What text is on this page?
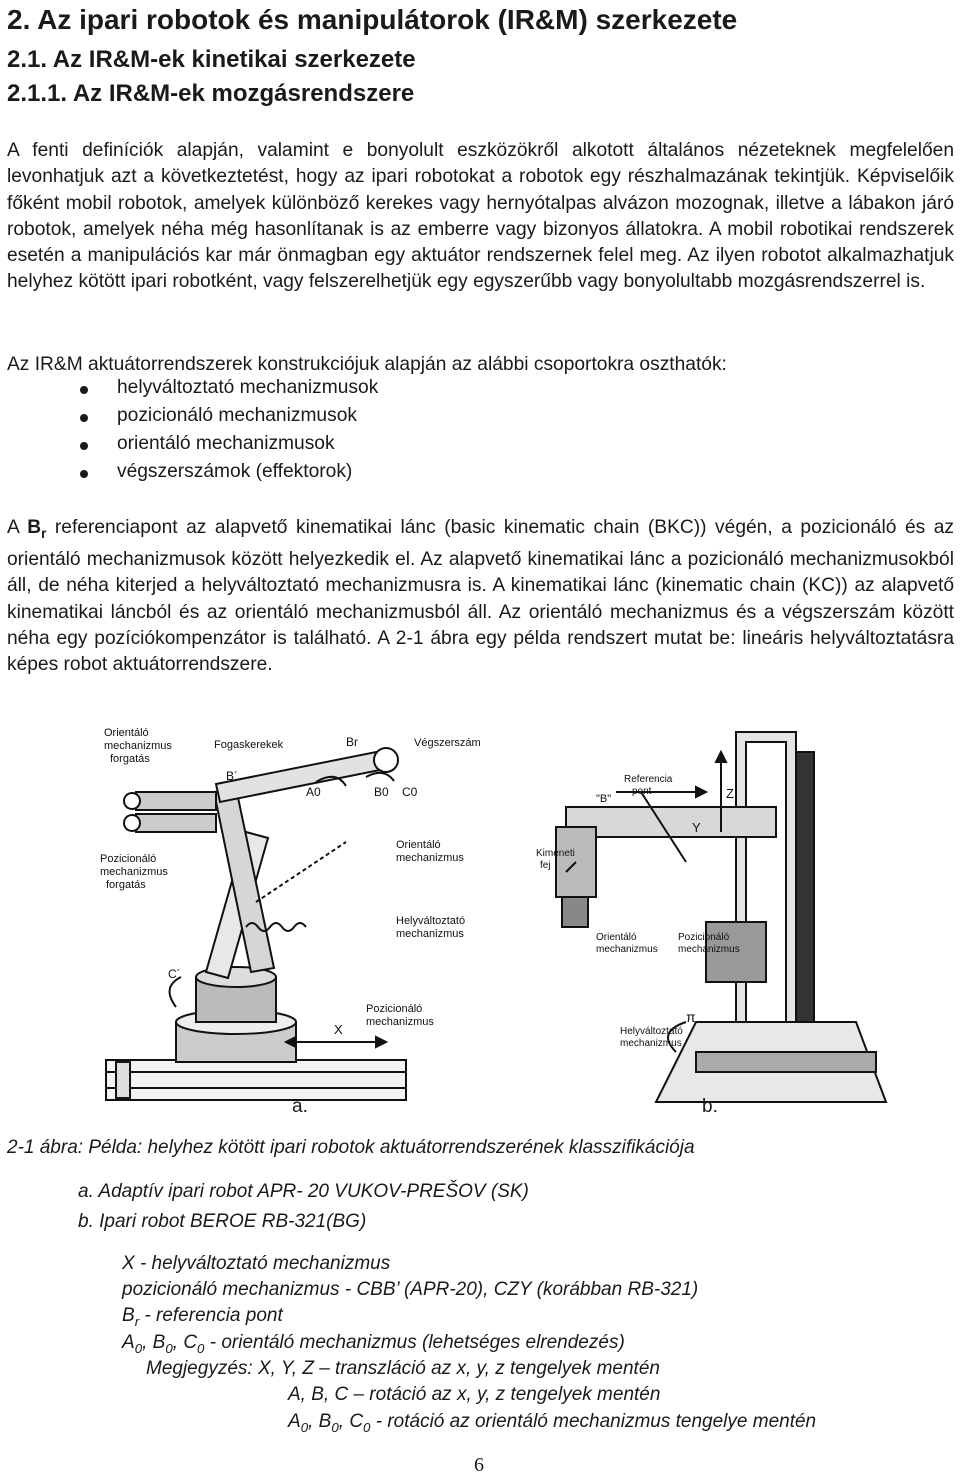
2. Az ipari robotok és manipulátorok (IR&M) szerkezete
2.1. Az IR&M-ek kinetikai szerkezete
2.1.1. Az IR&M-ek mozgásrendszere
A fenti definíciók alapján, valamint e bonyolult eszközökről alkotott általános nézeteknek megfelelően levonhatjuk azt a következtetést, hogy az ipari robotokat a robotok egy részhalmazának tekintjük. Képviselőik főként mobil robotok, amelyek különböző kerekes vagy hernyótalpas alvázon mozognak, illetve a lábakon járó robotok, amelyek néha még hasonlítanak is az emberre vagy bizonyos állatokra. A mobil robotikai rendszerek esetén a manipulációs kar már önmagban egy aktuátor rendszernek felel meg. Az ilyen robotot alkalmazhatjuk helyhez kötött ipari robotként, vagy felszerelhetjük egy egyszerűbb vagy bonyolultabb mozgásrendszerrel is.
Az IR&M aktuátorrendszerek konstrukciójuk alapján az alábbi csoportokra oszthatók:
helyváltoztató mechanizmusok
pozicionáló mechanizmusok
orientáló mechanizmusok
végszerszámok (effektorok)
A $B_r$ referenciapont az alapvető kinematikai lánc (basic kinematic chain (BKC)) végén, a pozicionáló és az orientáló mechanizmusok között helyezkedik el. Az alapvető kinematikai lánc a pozicionáló mechanizmusokból áll, de néha kiterjed a helyváltoztató mechanizmusra is. A kinematikai lánc (kinematic chain (KC)) az alapvető kinematikai láncból és az orientáló mechanizmusból áll. Az orientáló mechanizmus és a végszerszám között néha egy pozíciókompenzátor is található. A 2-1 ábra egy példa rendszert mutat be: lineáris helyváltoztatásra képes robot aktuátorrendszere.
Orientáló mechanizmus forgatás
Fogaskerekek	Br	Végszerszám
B´
A0	B0 C0
Pozicionáló mechanizmus forgatás
Orientáló mechanizmus
Helyváltoztató mechanizmus
Pozicionáló mechanizmus
C´
X
Referencia pont
"B"	Z
Y
Kimeneti fej
Orientáló mechanizmus
Pozicionáló mechanizmus
π
Helyváltoztató mechanizmus
a.	b.
2-1 ábra: Példa: helyhez kötött ipari robotok aktuátorrendszerének klasszifikációja
a. Adaptív ipari robot APR- 20 VUKOV-PREŠOV (SK)
b. Ipari robot BEROE RB-321(BG)
X - helyváltoztató mechanizmus
pozicionáló mechanizmus - CBB’ (APR-20), CZY (korábban RB-321)
$B_r$ - referencia pont
$A_0$, $B_0$, $C_0$ - orientáló mechanizmus (lehetséges elrendezés)
Megjegyzés: X, Y, Z – transzláció az x, y, z tengelyek mentén
A, B, C – rotáció az x, y, z tengelyek mentén
$A_0$, $B_0$, $C_0$ - rotáció az orientáló mechanizmus tengelye mentén
6
